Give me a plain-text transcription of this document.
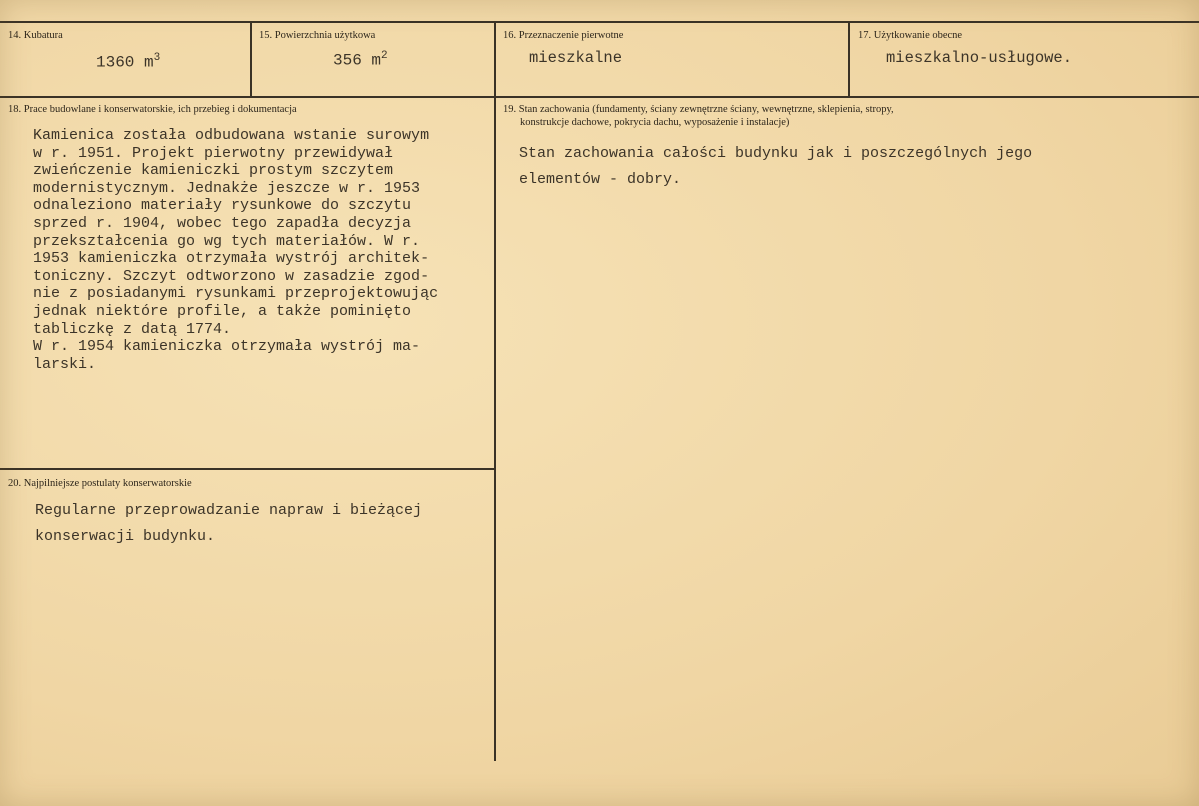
14. Kubatura
1360 $m^3$
15. Powierzchnia użytkowa
356 $m^2$
16. Przeznaczenie pierwotne
mieszkalne
17. Użytkowanie obecne
mieszkalno-usługowe.
18. Prace budowlane i konserwatorskie, ich przebieg i dokumentacja
Kamienica została odbudowana wstanie surowym
w r. 1951. Projekt pierwotny przewidywał
zwieńczenie kamieniczki prostym szczytem
modernistycznym. Jednakże jeszcze w r. 1953
odnaleziono materiały rysunkowe do szczytu
sprzed r. 1904, wobec tego zapadła decyzja
przekształcenia go wg tych materiałów. W r.
1953 kamieniczka otrzymała wystrój architek-
toniczny. Szczyt odtworzono w zasadzie zgod-
nie z posiadanymi rysunkami przeprojektowując
jednak niektóre profile, a także pominięto
tabliczkę z datą 1774.
W r. 1954 kamieniczka otrzymała wystrój ma-
larski.
19. Stan zachowania (fundamenty, ściany zewnętrzne ściany, wewnętrzne, sklepienia, stropy,
konstrukcje dachowe, pokrycia dachu, wyposażenie i instalacje)
Stan zachowania całości budynku jak i poszczególnych jego
elementów - dobry.
20. Najpilniejsze postulaty konserwatorskie
Regularne przeprowadzanie napraw i bieżącej
konserwacji budynku.
